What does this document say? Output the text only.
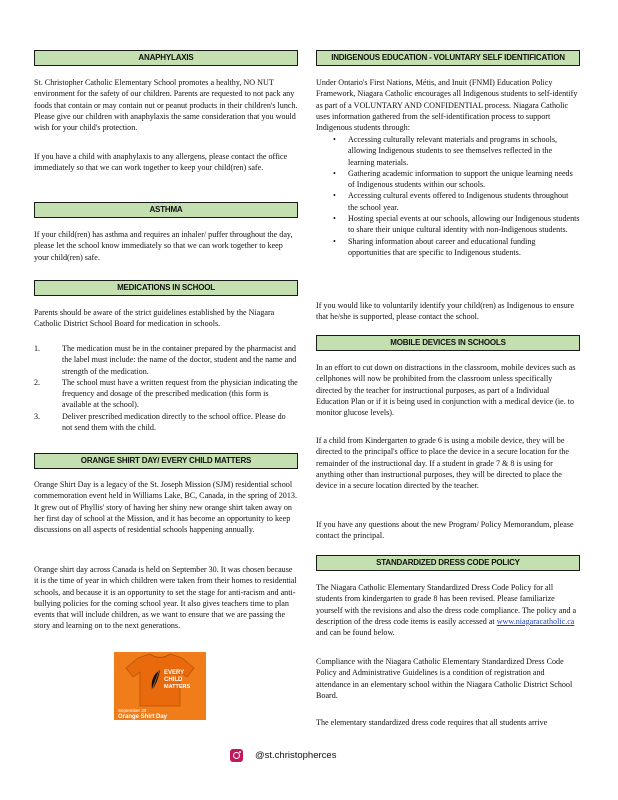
ANAPHYLAXIS

St. Christopher Catholic Elementary School promotes a healthy, NO NUT environment for the safety of our children. Parents are requested to not pack any foods that contain or may contain nut or peanut products in their children's lunch. Please give our children with anaphylaxis the same consideration that you would wish for your child's protection.

If you have a child with anaphylaxis to any allergens, please contact the office immediately so that we can work together to keep your child(ren) safe.

ASTHMA

If your child(ren) has asthma and requires an inhaler/ puffer throughout the day, please let the school know immediately so that we can work together to keep your child(ren) safe.

MEDICATIONS IN SCHOOL

Parents should be aware of the strict guidelines established by the Niagara Catholic District School Board for medication in schools.

1.	The medication must be in the container prepared by the pharmacist and the label must include: the name of the doctor, student and the name and strength of the medication.
2.	The school must have a written request from the physician indicating the frequency and dosage of the prescribed medication (this form is available at the school).
3.	Deliver prescribed medication directly to the school office. Please do not send them with the child.
ORANGE SHIRT DAY/ EVERY CHILD MATTERS

Orange Shirt Day is a legacy of the St. Joseph Mission (SJM) residential school commemoration event held in Williams Lake, BC, Canada, in the spring of 2013. It grew out of Phyllis' story of having her shiny new orange shirt taken away on her first day of school at the Mission, and it has become an opportunity to keep discussions on all aspects of residential schools happening annually.

Orange shirt day across Canada is held on September 30. It was chosen because it is the time of year in which children were taken from their homes to residential schools, and because it is an opportunity to set the stage for anti-racism and anti-bullying policies for the coming school year. It also gives teachers time to plan events that will include children, as we want to ensure that we are passing the story and learning on to the next generations.

EVERY
CHILD
MATTERS
September 30
Orange Shirt Day
INDIGENOUS EDUCATION - VOLUNTARY SELF IDENTIFICATION

Under Ontario's First Nations, Métis, and Inuit (FNMI) Education Policy Framework, Niagara Catholic encourages all Indigenous students to self-identify as part of a VOLUNTARY AND CONFIDENTIAL process. Niagara Catholic uses information gathered from the self-identification process to support Indigenous students through:

• Accessing culturally relevant materials and programs in schools, allowing Indigenous students to see themselves reflected in the learning materials.
• Gathering academic information to support the unique learning needs of Indigenous students within our schools.
• Accessing cultural events offered to Indigenous students throughout the school year.
• Hosting special events at our schools, allowing our Indigenous students to share their unique cultural identity with non-Indigenous students.
• Sharing information about career and educational funding opportunities that are specific to Indigenous students.

If you would like to voluntarily identify your child(ren) as Indigenous to ensure that he/she is supported, please contact the school.

MOBILE DEVICES IN SCHOOLS

In an effort to cut down on distractions in the classroom, mobile devices such as cellphones will now be prohibited from the classroom unless specifically directed by the teacher for instructional purposes, as part of a Individual Education Plan or if it is being used in conjunction with a medical device (ie. to monitor glucose levels).

If a child from Kindergarten to grade 6 is using a mobile device, they will be directed to the principal's office to place the device in a secure location for the remainder of the instructional day. If a student in grade 7 & 8 is using for anything other than instructional purposes, they will be directed to place the device in a secure location directed by the teacher.

If you have any questions about the new Program/ Policy Memorandum, please contact the principal.

STANDARDIZED DRESS CODE POLICY

The Niagara Catholic Elementary Standardized Dress Code Policy for all students from kindergarten to grade 8 has been revised. Please familiarize yourself with the revisions and also the dress code compliance. The policy and a description of the dress code items is easily accessed at www.niagaracatholic.ca and can be found below.

Compliance with the Niagara Catholic Elementary Standardized Dress Code Policy and Administrative Guidelines is a condition of registration and attendance in an elementary school within the Niagara Catholic District School Board.

The elementary standardized dress code requires that all students arrive

@st.christopherces
